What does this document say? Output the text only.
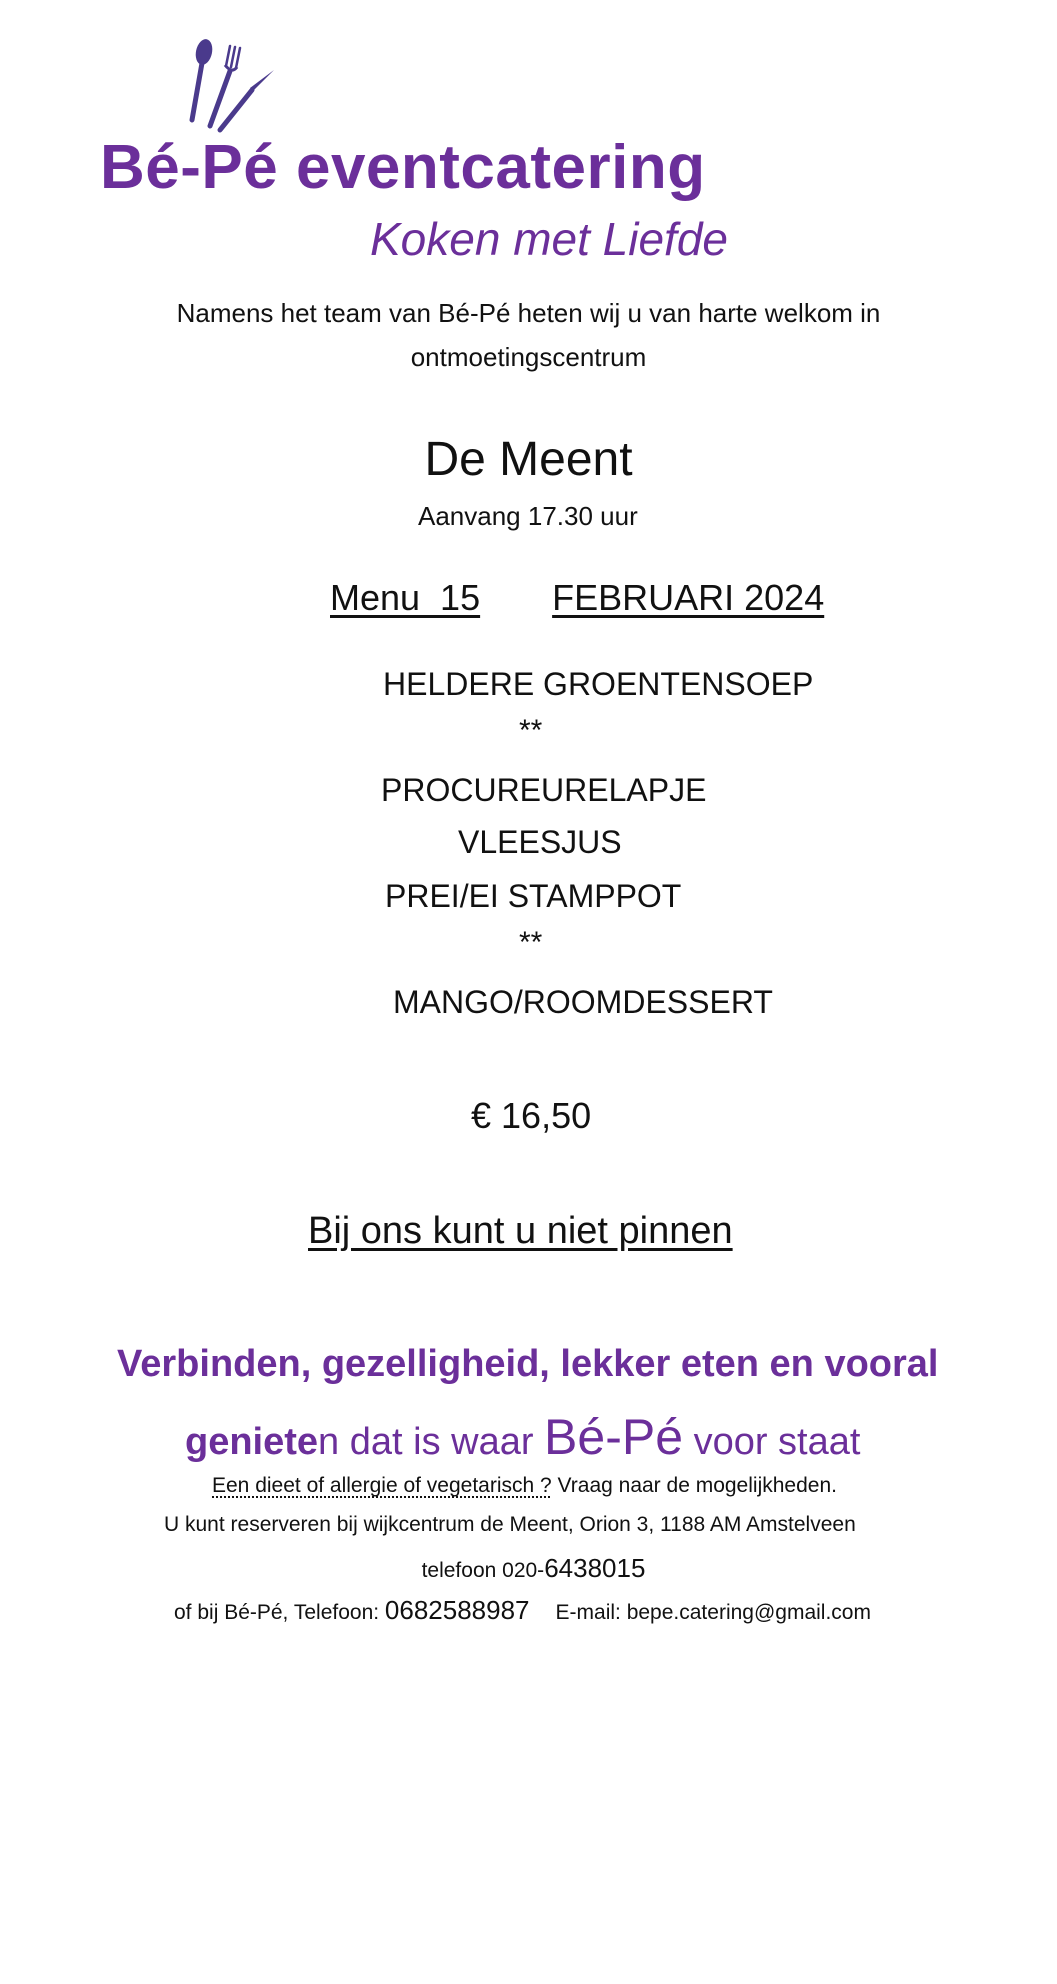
Bé-Pé eventcatering
Koken met Liefde
Namens het team van Bé-Pé heten wij u van harte welkom in
ontmoetingscentrum
De Meent
Aanvang 17.30 uur
Menu  15 FEBRUARI 2024
HELDERE GROENTENSOEP
**
PROCUREURELAPJE
VLEESJUS
PREI/EI STAMPPOT
**
MANGO/ROOMDESSERT
€ 16,50
Bij ons kunt u niet pinnen
Verbinden, gezelligheid, lekker eten en vooral
genieten dat is waar Bé-Pé voor staat
Een dieet of allergie of vegetarisch ? Vraag naar de mogelijkheden.
U kunt reserveren bij wijkcentrum de Meent, Orion 3, 1188 AM Amstelveen
telefoon 020-6438015
of bij Bé-Pé, Telefoon: 0682588987 E-mail: bepe.catering@gmail.com
